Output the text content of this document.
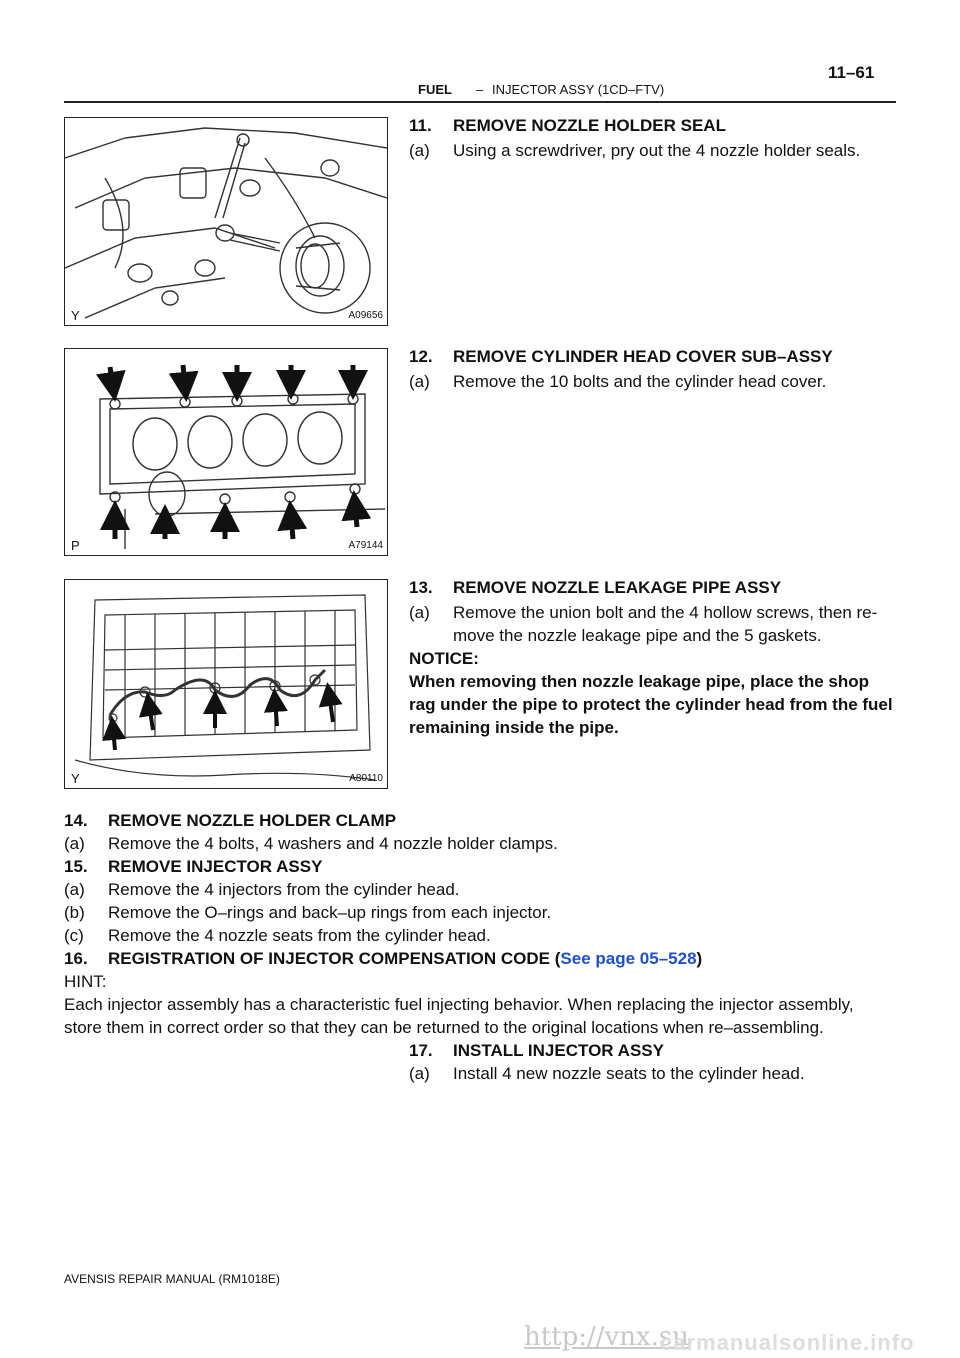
11–61
FUEL – INJECTOR ASSY (1CD–FTV)
Y	A09656
P	A79144
Y	A80110
11. REMOVE NOZZLE HOLDER SEAL
(a) Using a screwdriver, pry out the 4 nozzle holder seals.
12. REMOVE CYLINDER HEAD COVER SUB–ASSY
(a) Remove the 10 bolts and the cylinder head cover.
13. REMOVE NOZZLE LEAKAGE PIPE ASSY
(a) Remove the union bolt and the 4 hollow screws, then re-
move the nozzle leakage pipe and the 5 gaskets.
NOTICE:
When removing then nozzle leakage pipe, place the shop
rag under the pipe to protect the cylinder head from the fuel
remaining inside the pipe.
14. REMOVE NOZZLE HOLDER CLAMP
(a) Remove the 4 bolts, 4 washers and 4 nozzle holder clamps.
15. REMOVE INJECTOR ASSY
(a) Remove the 4 injectors from the cylinder head.
(b) Remove the O–rings and back–up rings from each injector.
(c) Remove the 4 nozzle seats from the cylinder head.
16. REGISTRATION OF INJECTOR COMPENSATION CODE (See page 05–528)
HINT:
Each injector assembly has a characteristic fuel injecting behavior. When replacing the injector assembly,
store them in correct order so that they can be returned to the original locations when re–assembling.
17. INSTALL INJECTOR ASSY
(a) Install 4 new nozzle seats to the cylinder head.
AVENSIS REPAIR MANUAL (RM1018E)
http://vnx.su
carmanualsonline.info
